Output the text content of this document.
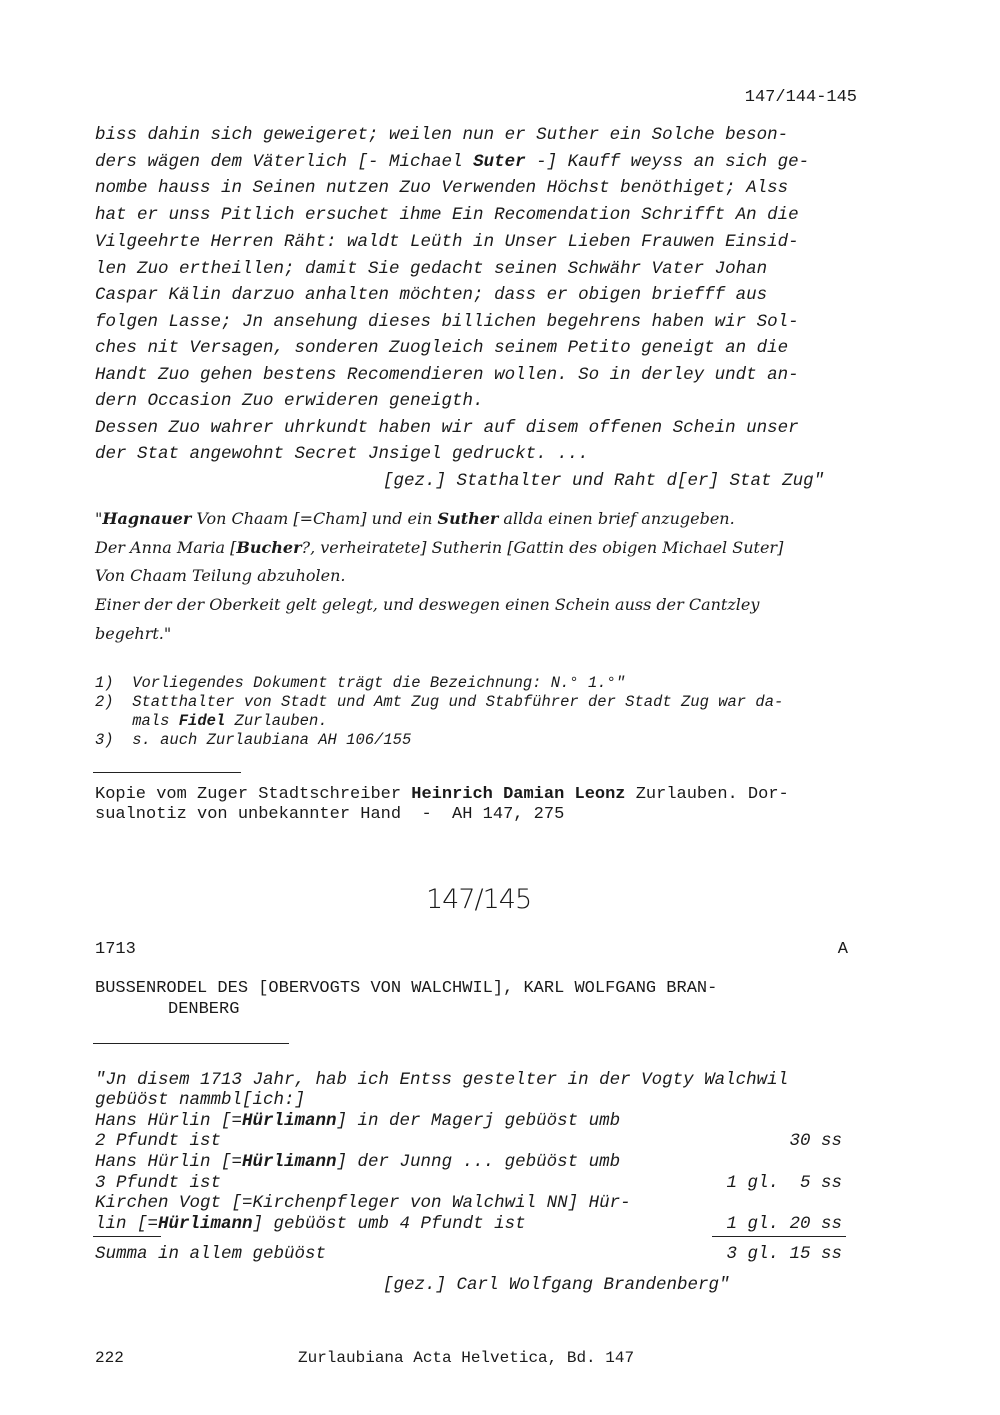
147/144-145
biss dahin sich geweigeret; weilen nun er Suther ein Solche beson-
ders wägen dem Väterlich [- Michael Suter -] Kauff weyss an sich ge-
nombe hauss in Seinen nutzen Zuo Verwenden Höchst benöthiget; Alss
hat er unss Pitlich ersuchet ihme Ein Recomendation Schrifft An die
Vilgeehrte Herren Räht: waldt Leüth in Unser Lieben Frauwen Einsid-
len Zuo ertheillen; damit Sie gedacht seinen Schwähr Vater Johan
Caspar Kälin darzuo anhalten möchten; dass er obigen briefff aus
folgen Lasse; Jn ansehung dieses billichen begehrens haben wir Sol-
ches nit Versagen, sonderen Zuogleich seinem Petito geneigt an die
Handt Zuo gehen bestens Recomendieren wollen. So in derley undt an-
dern Occasion Zuo erwideren geneigth.
Dessen Zuo wahrer uhrkundt haben wir auf disem offenen Schein unser
der Stat angewohnt Secret Jnsigel gedruckt. ...
[gez.] Stathalter und Raht d[er] Stat Zug"
"Hagnauer Von Chaam [=Cham] und ein Suther allda einen brief anzugeben.
Der Anna Maria [Bucher?, verheiratete] Sutherin [Gattin des obigen Michael Suter]
Von Chaam Teilung abzuholen.
Einer der der Oberkeit gelt gelegt, und deswegen einen Schein auss der Cantzley
begehrt."
1)  Vorliegendes Dokument trägt die Bezeichnung: N.° 1.°"
2)  Statthalter von Stadt und Amt Zug und Stabführer der Stadt Zug war da-
mals Fidel Zurlauben.
3)  s. auch Zurlaubiana AH 106/155
Kopie vom Zuger Stadtschreiber Heinrich Damian Leonz Zurlauben. Dor-
sualnotiz von unbekannter Hand  -  AH 147, 275
147/145
1713	A
BUSSENRODEL DES [OBERVOGTS VON WALCHWIL], KARL WOLFGANG BRAN-
DENBERG
"Jn disem 1713 Jahr, hab ich Entss gestelter in der Vogty Walchwil
gebüöst nammbl[ich:]
Hans Hürlin [=Hürlimann] in der Magerj gebüöst umb
2 Pfundt ist	30 ss
Hans Hürlin [=Hürlimann] der Junng ... gebüöst umb
3 Pfundt ist	1 gl.  5 ss
Kirchen Vogt [=Kirchenpfleger von Walchwil NN] Hür-
lin [=Hürlimann] gebüöst umb 4 Pfundt ist	1 gl. 20 ss
Summa in allem gebüöst	3 gl. 15 ss
[gez.] Carl Wolfgang Brandenberg"
222	Zurlaubiana Acta Helvetica, Bd. 147
